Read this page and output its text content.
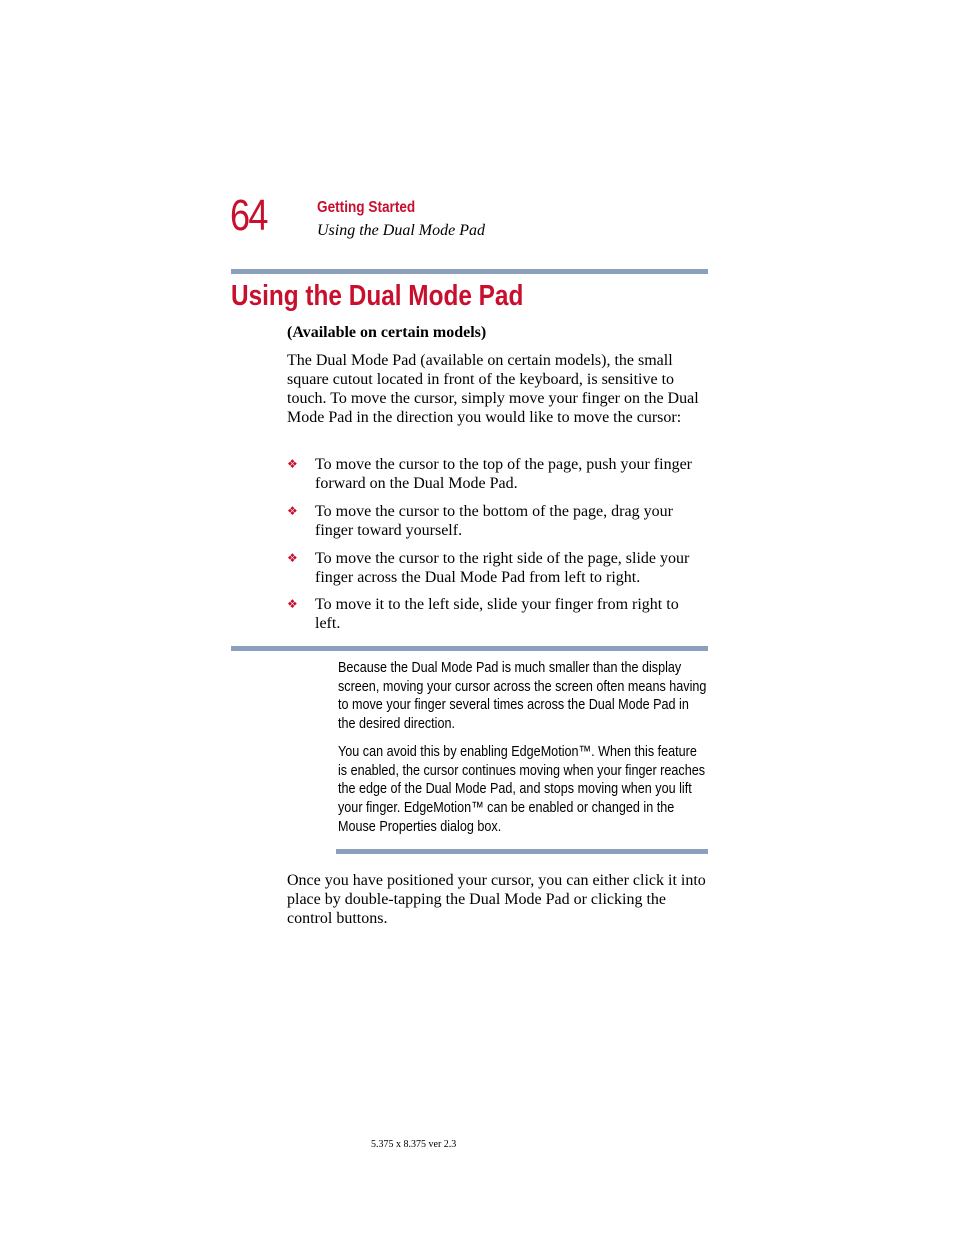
64	Getting Started
Using the Dual Mode Pad
Using the Dual Mode Pad
(Available on certain models)

The Dual Mode Pad (available on certain models), the small square cutout located in front of the keyboard, is sensitive to touch. To move the cursor, simply move your finger on the Dual Mode Pad in the direction you would like to move the cursor:

❖ To move the cursor to the top of the page, push your finger forward on the Dual Mode Pad.
❖ To move the cursor to the bottom of the page, drag your finger toward yourself.
❖ To move the cursor to the right side of the page, slide your finger across the Dual Mode Pad from left to right.
❖ To move it to the left side, slide your finger from right to left.
Because the Dual Mode Pad is much smaller than the display screen, moving your cursor across the screen often means having to move your finger several times across the Dual Mode Pad in the desired direction.
You can avoid this by enabling EdgeMotion™. When this feature is enabled, the cursor continues moving when your finger reaches the edge of the Dual Mode Pad, and stops moving when you lift your finger. EdgeMotion™ can be enabled or changed in the Mouse Properties dialog box.
Once you have positioned your cursor, you can either click it into place by double-tapping the Dual Mode Pad or clicking the control buttons.
5.375 x 8.375 ver 2.3
